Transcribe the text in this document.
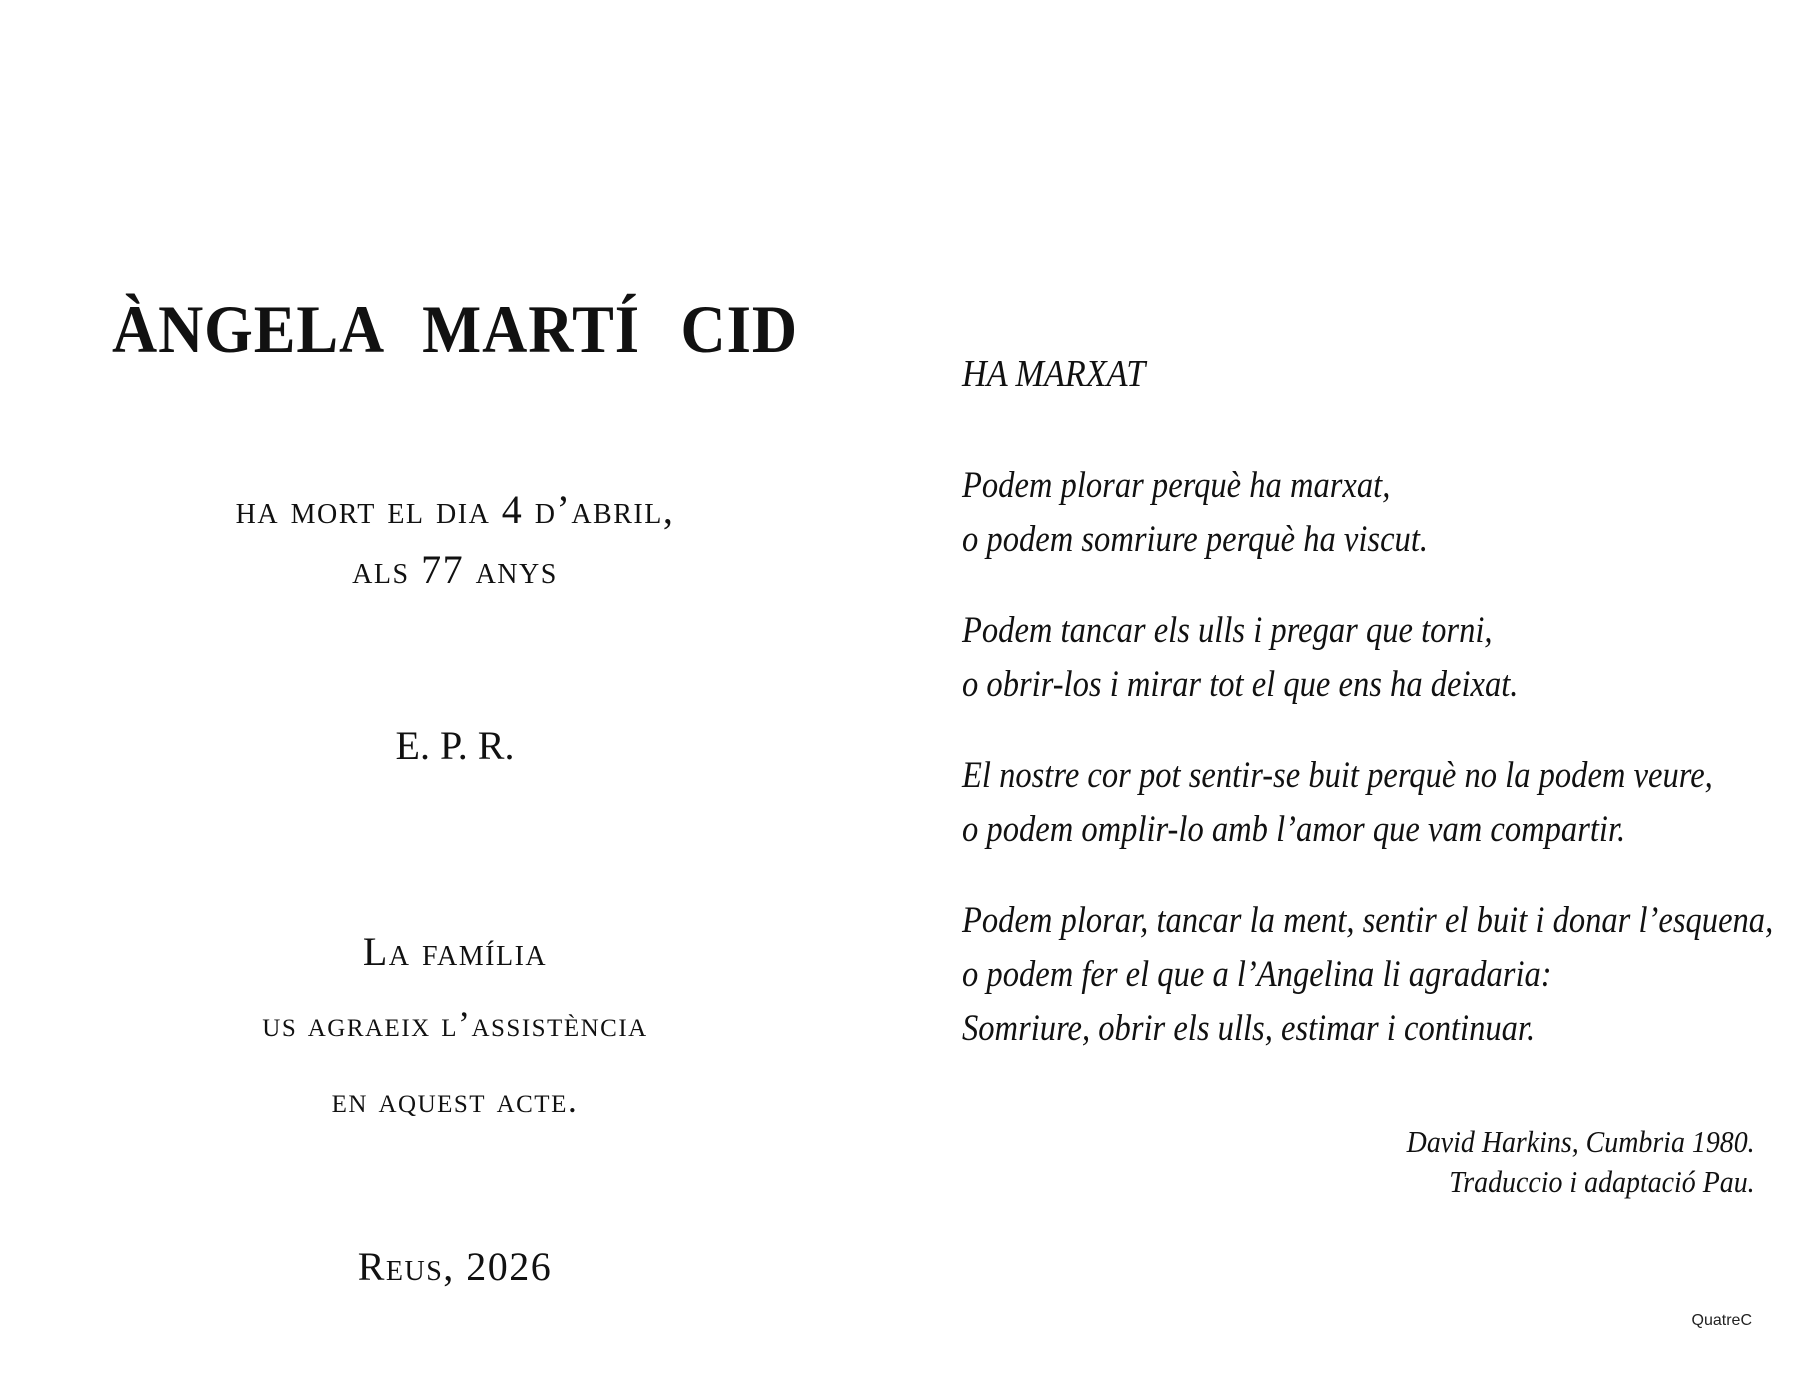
ÀNGELA MARTÍ CID
ha mort el dia 4 d’abril,
als 77 anys
E. P. R.
La família
us agraeix l’assistència
en aquest acte.
Reus, 2026
HA MARXAT
Podem plorar perquè ha marxat,
o podem somriure perquè ha viscut.
Podem tancar els ulls i pregar que torni,
o obrir-los i mirar tot el que ens ha deixat.
El nostre cor pot sentir-se buit perquè no la podem veure,
o podem omplir-lo amb l’amor que vam compartir.
Podem plorar, tancar la ment, sentir el buit i donar l’esquena,
o podem fer el que a l’Angelina li agradaria:
Somriure, obrir els ulls, estimar i continuar.
David Harkins, Cumbria 1980.
Traduccio i adaptació Pau.
QuatreC
